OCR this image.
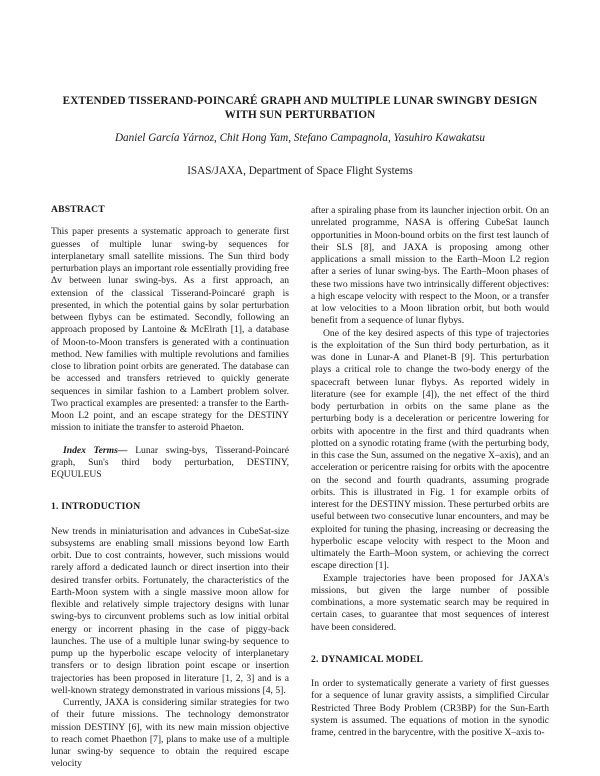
EXTENDED TISSERAND-POINCARÉ GRAPH AND MULTIPLE LUNAR SWINGBY DESIGN WITH SUN PERTURBATION
Daniel García Yárnoz, Chit Hong Yam, Stefano Campagnola, Yasuhiro Kawakatsu
ISAS/JAXA, Department of Space Flight Systems

ABSTRACT

This paper presents a systematic approach to generate first guesses of multiple lunar swing-by sequences for interplanetary small satellite missions. The Sun third body perturbation plays an important role essentially providing free Δv between lunar swing-bys. As a first approach, an extension of the classical Tisserand-Poincaré graph is presented, in which the potential gains by solar perturbation between flybys can be estimated. Secondly, following an approach proposed by Lantoine & McElrath [1], a database of Moon-to-Moon transfers is generated with a continuation method. New families with multiple revolutions and families close to libration point orbits are generated. The database can be accessed and transfers retrieved to quickly generate sequences in similar fashion to a Lambert problem solver. Two practical examples are presented: a transfer to the Earth-Moon L2 point, and an escape strategy for the DESTINY mission to initiate the transfer to asteroid Phaeton.

Index Terms— Lunar swing-bys, Tisserand-Poincaré graph, Sun's third body perturbation, DESTINY, EQUULEUS

1. INTRODUCTION

New trends in miniaturisation and advances in CubeSat-size subsystems are enabling small missions beyond low Earth orbit. Due to cost contraints, however, such missions would rarely afford a dedicated launch or direct insertion into their desired transfer orbits. Fortunately, the characteristics of the Earth-Moon system with a single massive moon allow for flexible and relatively simple trajectory designs with lunar swing-bys to circunvent problems such as low initial orbital energy or incorrent phasing in the case of piggy-back launches. The use of a multiple lunar swing-by sequence to pump up the hyperbolic escape velocity of interplanetary transfers or to design libration point escape or insertion trajectories has been proposed in literature [1, 2, 3] and is a well-known strategy demonstrated in various missions [4, 5].

Currently, JAXA is considering similar strategies for two of their future missions. The technology demonstrator mission DESTINY [6], with its new main mission objective to reach comet Phaethon [7], plans to make use of a multiple lunar swing-by sequence to obtain the required escape velocity

after a spiraling phase from its launcher injection orbit. On an unrelated programme, NASA is offering CubeSat launch opportunities in Moon-bound orbits on the first test launch of their SLS [8], and JAXA is proposing among other applications a small mission to the Earth–Moon L2 region after a series of lunar swing-bys. The Earth–Moon phases of these two missions have two intrinsically different objectives: a high escape velocity with respect to the Moon, or a transfer at low velocities to a Moon libration orbit, but both would benefit from a sequence of lunar flybys.

One of the key desired aspects of this type of trajectories is the exploitation of the Sun third body perturbation, as it was done in Lunar-A and Planet-B [9]. This perturbation plays a critical role to change the two-body energy of the spacecraft between lunar flybys. As reported widely in literature (see for example [4]), the net effect of the third body perturbation in orbits on the same plane as the perturbing body is a deceleration or pericentre lowering for orbits with apocentre in the first and third quadrants when plotted on a synodic rotating frame (with the perturbing body, in this case the Sun, assumed on the negative X–axis), and an acceleration or pericentre raising for orbits with the apocentre on the second and fourth quadrants, assuming prograde orbits. This is illustrated in Fig. 1 for example orbits of interest for the DESTINY mission. These perturbed orbits are useful between two consecutive lunar encounters, and may be exploited for tuning the phasing, increasing or decreasing the hyperbolic escape velocity with respect to the Moon and ultimately the Earth–Moon system, or achieving the correct escape direction [1].

Example trajectories have been proposed for JAXA's missions, but given the large number of possible combinations, a more systematic search may be required in certain cases, to guarantee that most sequences of interest have been considered.

2. DYNAMICAL MODEL

In order to systematically generate a variety of first guesses for a sequence of lunar gravity assists, a simplified Circular Restricted Three Body Problem (CR3BP) for the Sun-Earth system is assumed. The equations of motion in the synodic frame, centred in the barycentre, with the positive X–axis to-
